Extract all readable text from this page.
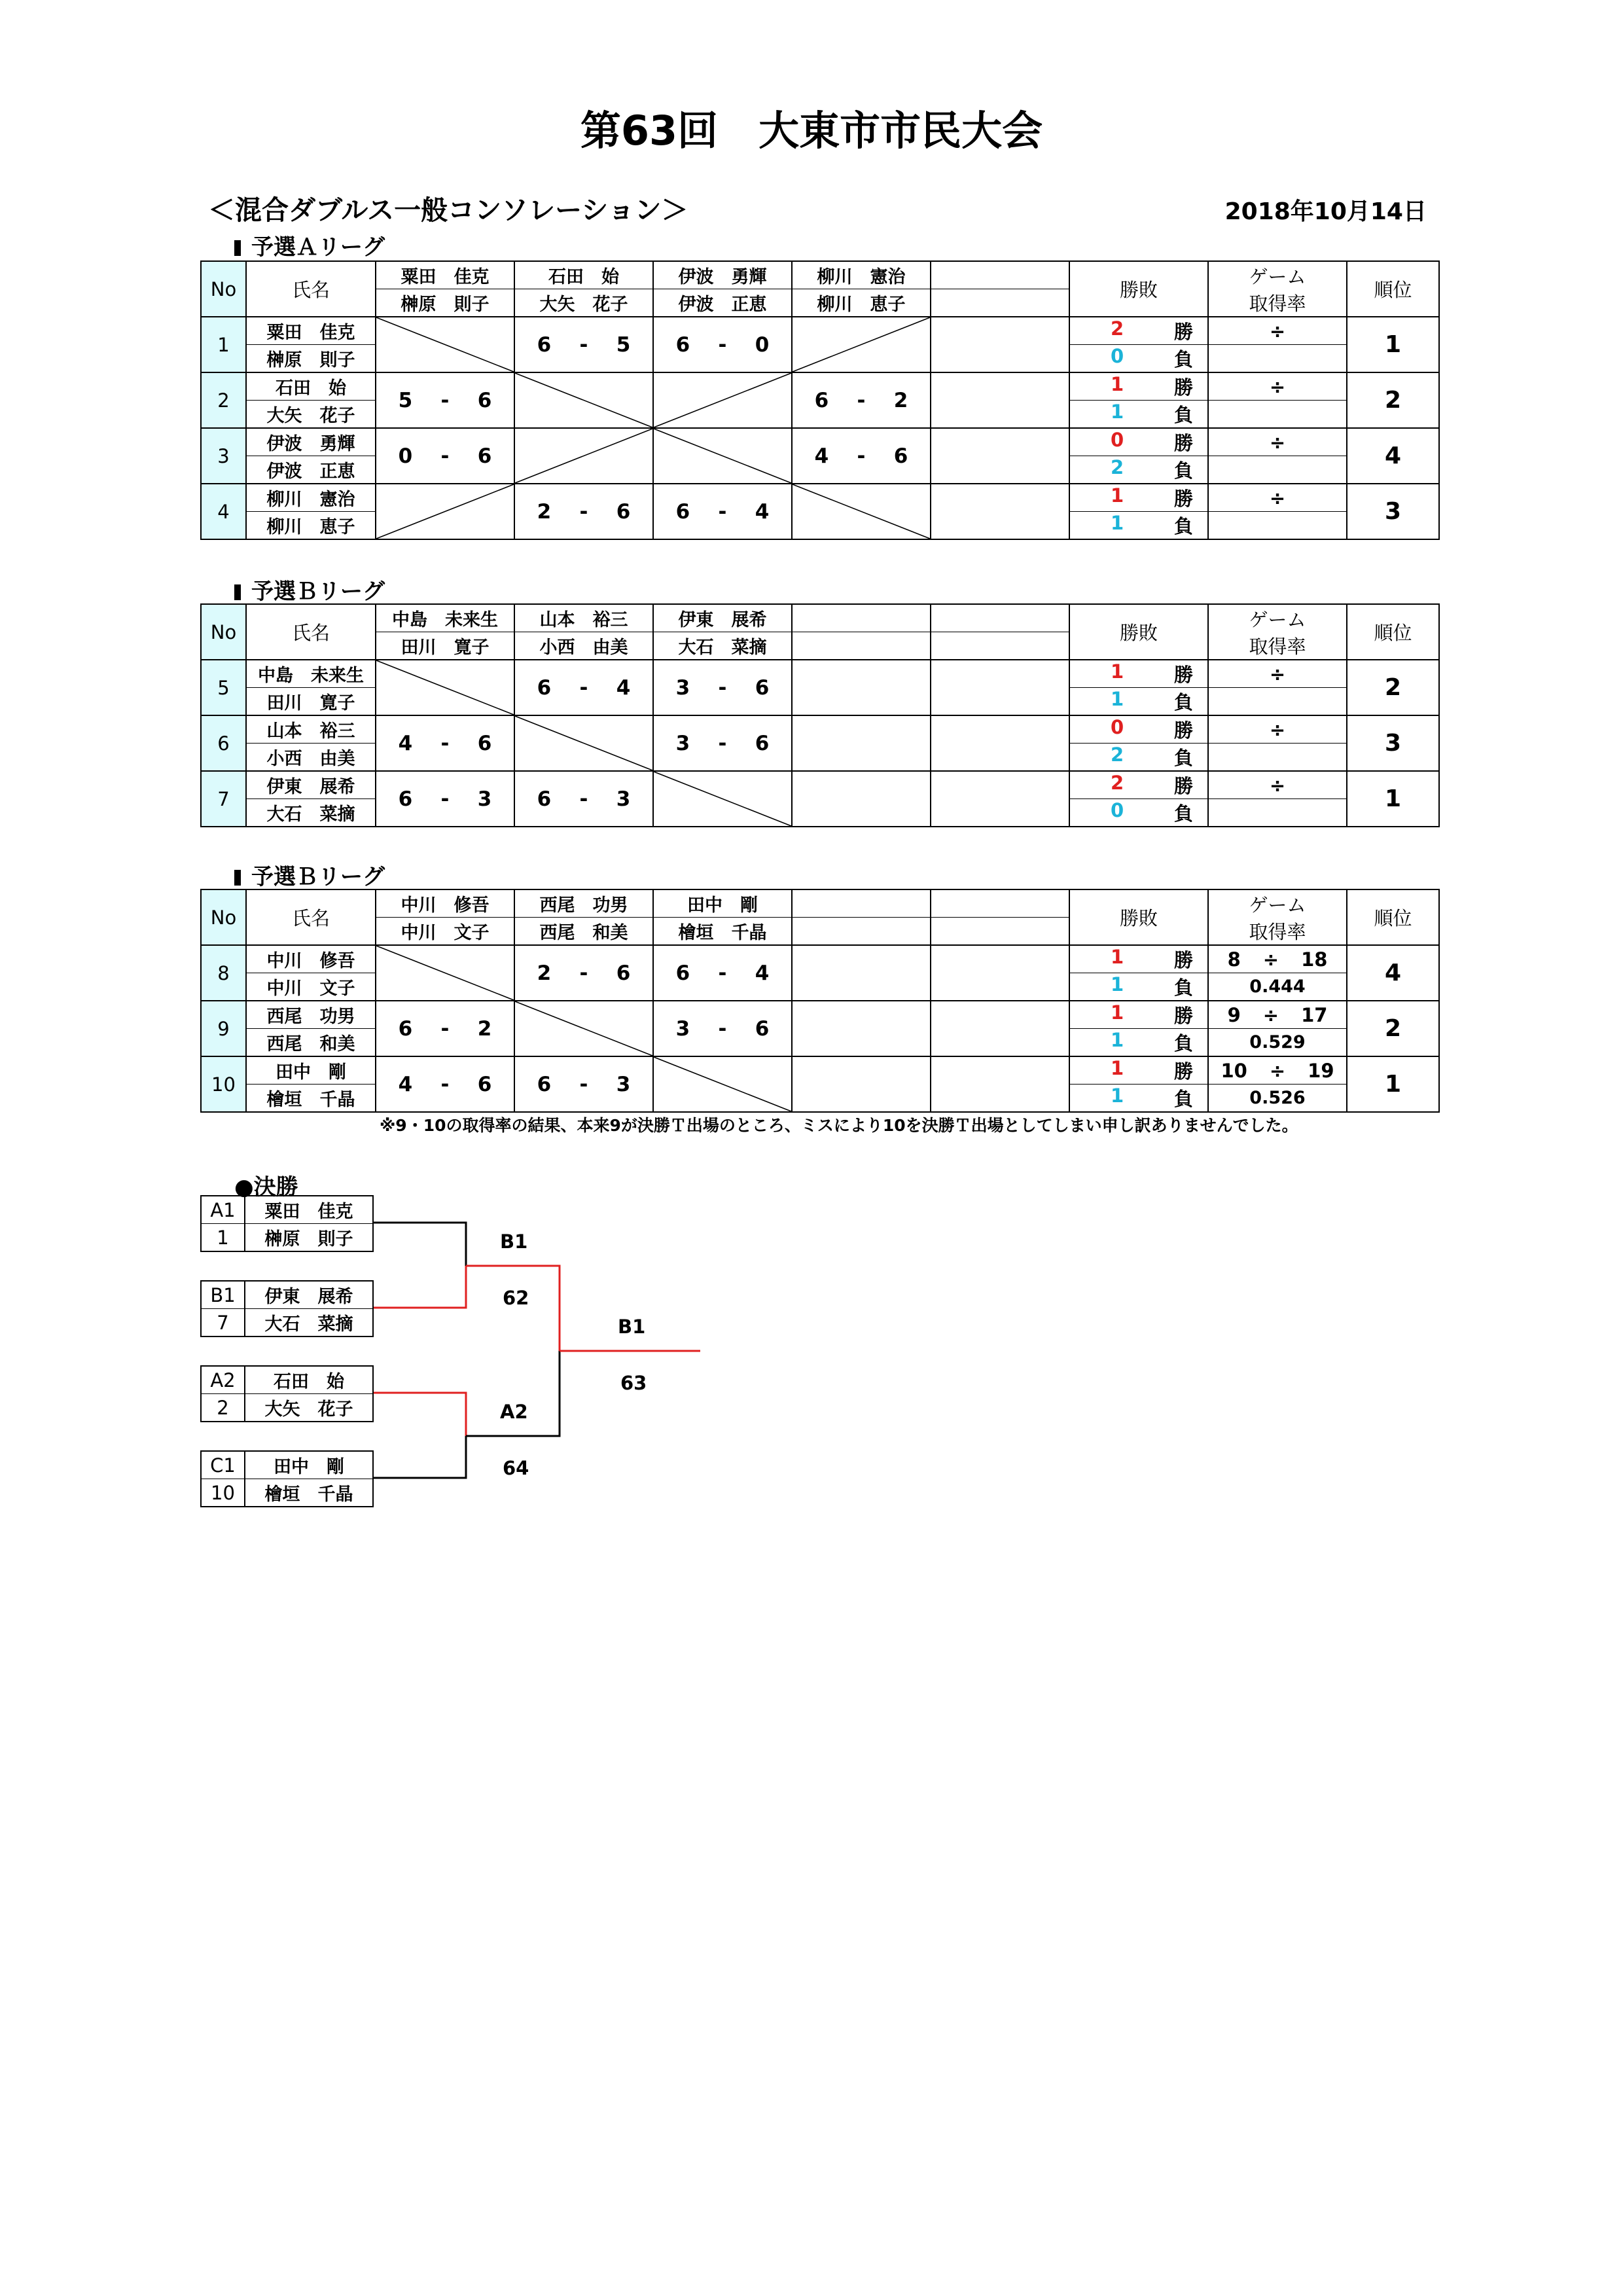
第63回　大東市市民大会
＜混合ダブルス一般コンソレーション＞	2018年10月14日
予選Ａリーグ
No	氏名	粟田　佳克	石田　始	伊波　勇輝	柳川　憲治		勝敗	ゲーム
取得率	順位
		榊原　則子	大矢　花子	伊波　正恵	柳川　恵子				
1	粟田　佳克		6 - 5	6 - 0			2 勝	÷	1
	榊原　則子						0 負		

2	石田　始	5 - 6			6 - 2		1 勝	÷	2
	大矢　花子						1 負		

3	伊波　勇輝	0 - 6			4 - 6		0 勝	÷	4
	伊波　正恵						2 負		

4	柳川　憲治		2 - 6	6 - 4			1 勝	÷	3
	柳川　恵子						1 負		

予選Ｂリーグ
No	氏名	中島　未来生	山本　裕三	伊東　展希			勝敗	ゲーム
取得率	順位
		田川　寛子	小西　由美	大石　菜摘					
5	中島　未来生		6 - 4	3 - 6			1 勝	÷	2
	田川　寛子						1 負		

6	山本　裕三	4 - 6		3 - 6			0 勝	÷	3
	小西　由美						2 負		

7	伊東　展希	6 - 3	6 - 3				2 勝	÷	1
	大石　菜摘						0 負		

予選Ｂリーグ
No	氏名	中川　修吾	西尾　功男	田中　剛			勝敗	ゲーム
取得率	順位
		中川　文子	西尾　和美	檜垣　千晶					
8	中川　修吾		2 - 6	6 - 4			1 勝	8 ÷ 18	4
	中川　文子						1 負	0.444	
9	西尾　功男	6 - 2		3 - 6			1 勝	9 ÷ 17	2
	西尾　和美						1 負	0.529	
10	田中　剛	4 - 6	6 - 3				1 勝	10 ÷ 19	1
	檜垣　千晶						1 負	0.526	
※9・10の取得率の結果、本来9が決勝Ｔ出場のところ、ミスにより10を決勝Ｔ出場としてしまい申し訳ありませんでした。
●決勝
A1	粟田　佳克
1	榊原　則子
B1	伊東　展希
7	大石　菜摘
A2	石田　始
2	大矢　花子
C1	田中　剛
10	檜垣　千晶
B1
62
B1
63
A2
64
